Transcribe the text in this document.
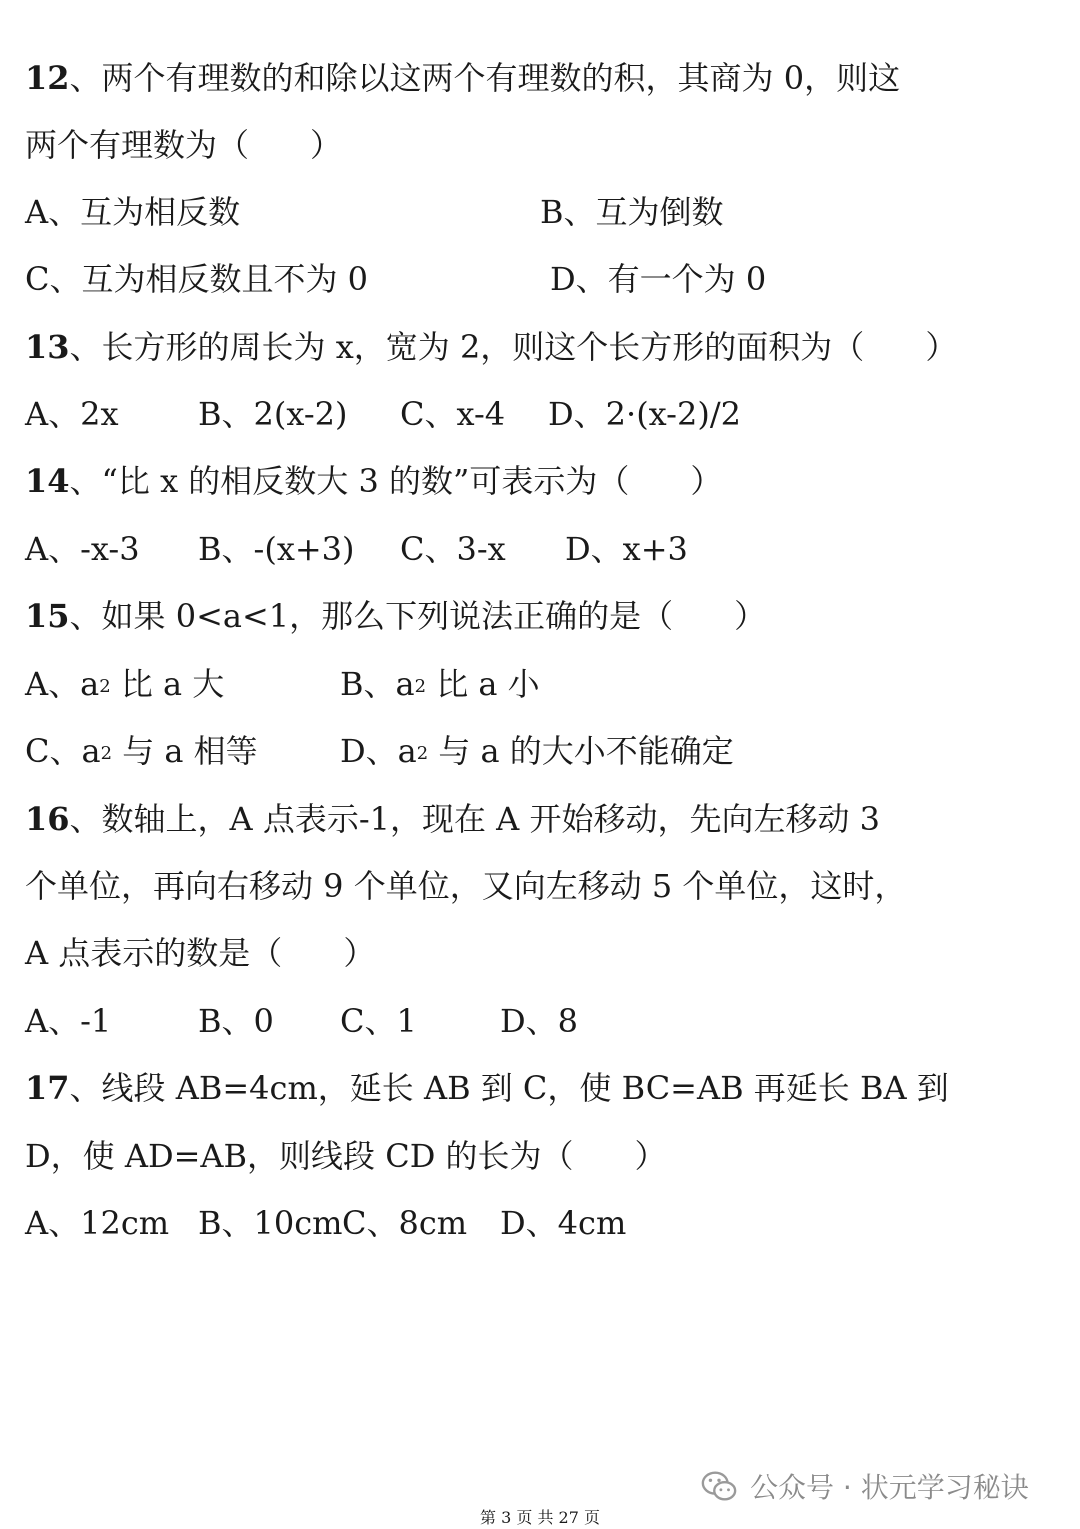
12、两个有理数的和除以这两个有理数的积，其商为 0，则这
两个有理数为（      ）
A、互为相反数	B、互为倒数
C、互为相反数且不为 0	D、有一个为 0
13、长方形的周长为 x，宽为 2，则这个长方形的面积为（      ）
A、2x B、2(x-2) C、x-4 D、2·(x-2)/2
14、“比 x 的相反数大 3 的数”可表示为（      ）
A、-x-3 B、-(x+3) C、3-x D、x+3
15、如果 0<a<1，那么下列说法正确的是（      ）
A、$a^2$ 比 a 大	B、$a^2$ 比 a 小
C、$a^2$ 与 a 相等	D、$a^2$ 与 a 的大小不能确定
16、数轴上，A 点表示-1，现在 A 开始移动，先向左移动 3
个单位，再向右移动 9 个单位，又向左移动 5 个单位，这时，
A 点表示的数是（      ）
A、-1	B、0 C、1	D、8
17、线段 AB=4cm，延长 AB 到 C，使 BC=AB 再延长 BA 到
D，使 AD=AB，则线段 CD 的长为（      ）
A、12cm B、10cm C、8cm D、4cm
公众号 · 状元学习秘诀
第 3 页 共 27 页
